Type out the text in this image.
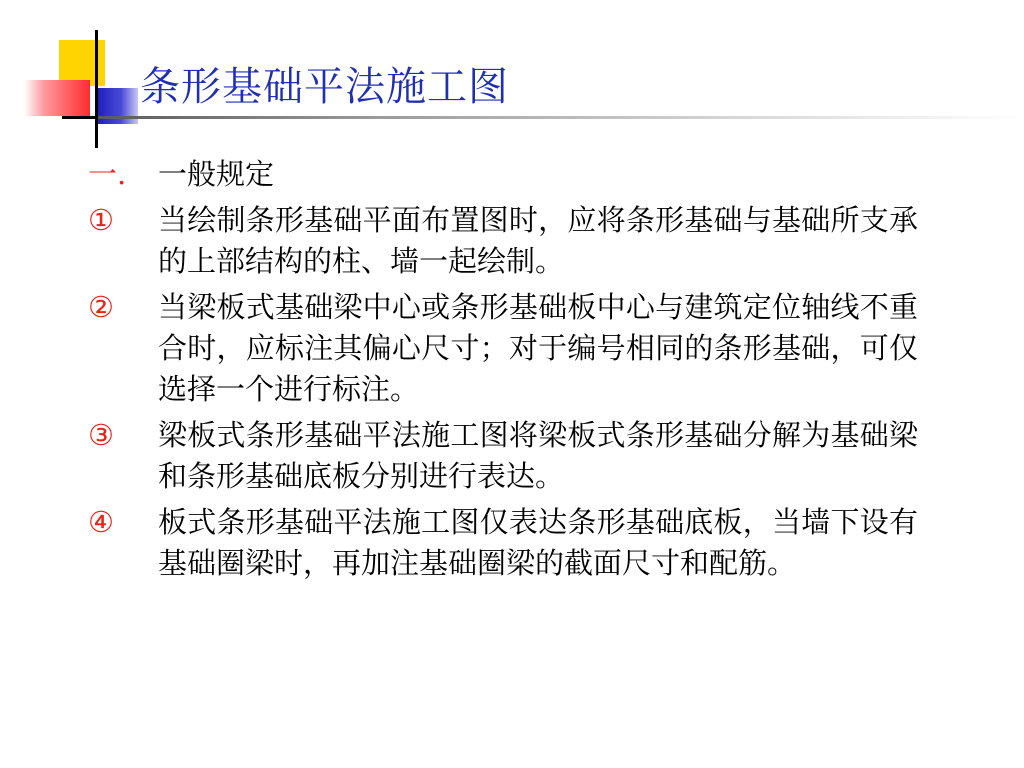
条形基础平法施工图
一.	一般规定
①	当绘制条形基础平面布置图时，应将条形基础与基础所支承的上部结构的柱、墙一起绘制。
②	当梁板式基础梁中心或条形基础板中心与建筑定位轴线不重合时，应标注其偏心尺寸；对于编号相同的条形基础，可仅选择一个进行标注。
③	梁板式条形基础平法施工图将梁板式条形基础分解为基础梁和条形基础底板分别进行表达。
④	板式条形基础平法施工图仅表达条形基础底板，当墙下设有基础圈梁时，再加注基础圈梁的截面尺寸和配筋。
